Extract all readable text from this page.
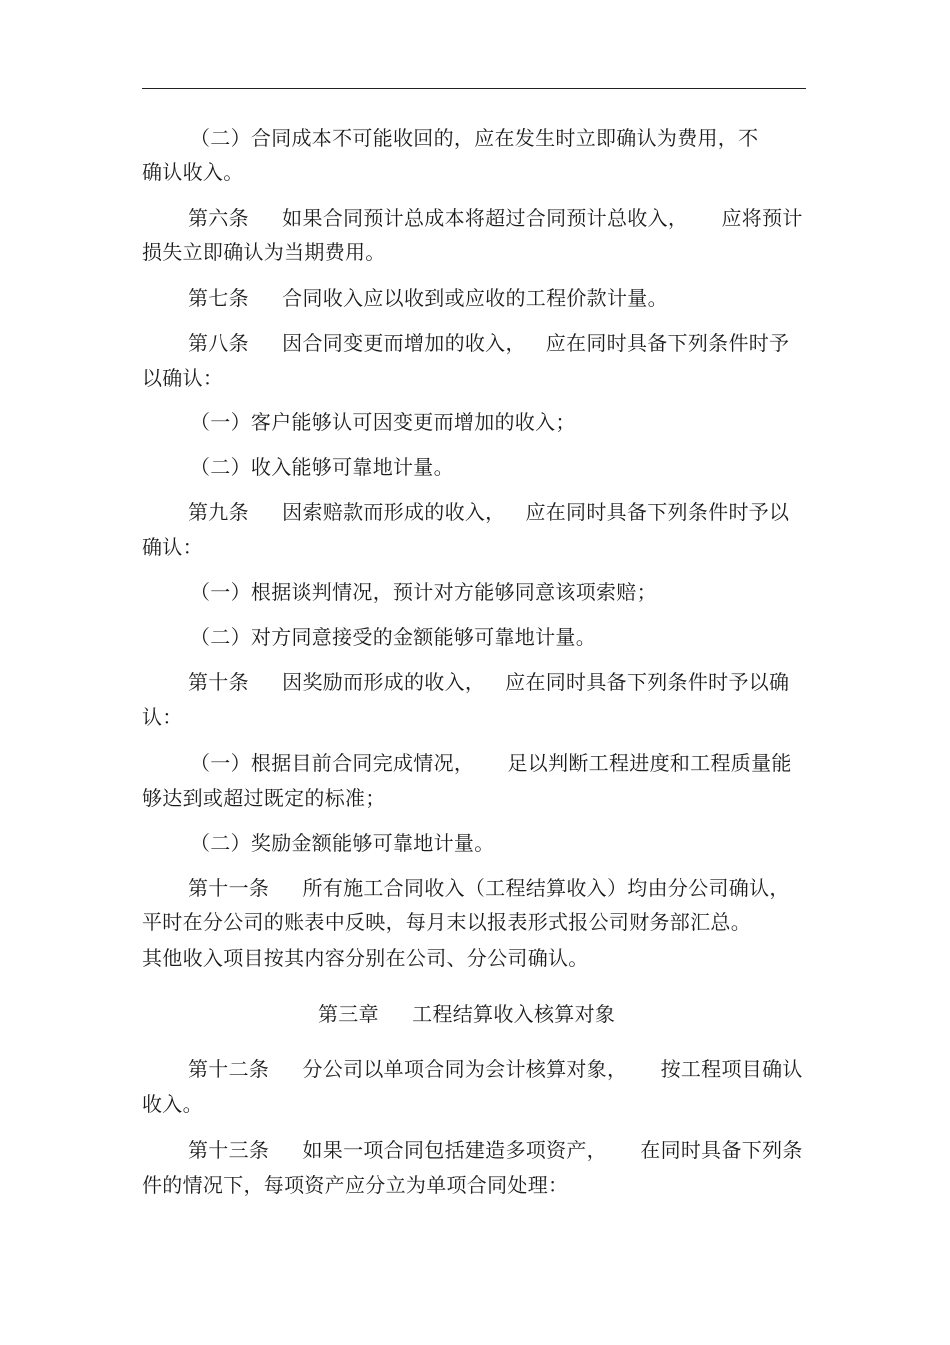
（二）合同成本不可能收回的，应在发生时立即确认为费用，不
确认收入。
第六条     如果合同预计总成本将超过合同预计总收入，     应将预计
损失立即确认为当期费用。
第七条     合同收入应以收到或应收的工程价款计量。
第八条     因合同变更而增加的收入，   应在同时具备下列条件时予
以确认：
（一）客户能够认可因变更而增加的收入；
（二）收入能够可靠地计量。
第九条     因索赔款而形成的收入，   应在同时具备下列条件时予以
确认：
（一）根据谈判情况，预计对方能够同意该项索赔；
（二）对方同意接受的金额能够可靠地计量。
第十条     因奖励而形成的收入，   应在同时具备下列条件时予以确
认：
（一）根据目前合同完成情况，     足以判断工程进度和工程质量能
够达到或超过既定的标准；
（二）奖励金额能够可靠地计量。
第十一条     所有施工合同收入（工程结算收入）均由分公司确认，
平时在分公司的账表中反映，每月末以报表形式报公司财务部汇总。
其他收入项目按其内容分别在公司、分公司确认。
第三章     工程结算收入核算对象
第十二条     分公司以单项合同为会计核算对象，     按工程项目确认
收入。
第十三条     如果一项合同包括建造多项资产，     在同时具备下列条
件的情况下，每项资产应分立为单项合同处理：
